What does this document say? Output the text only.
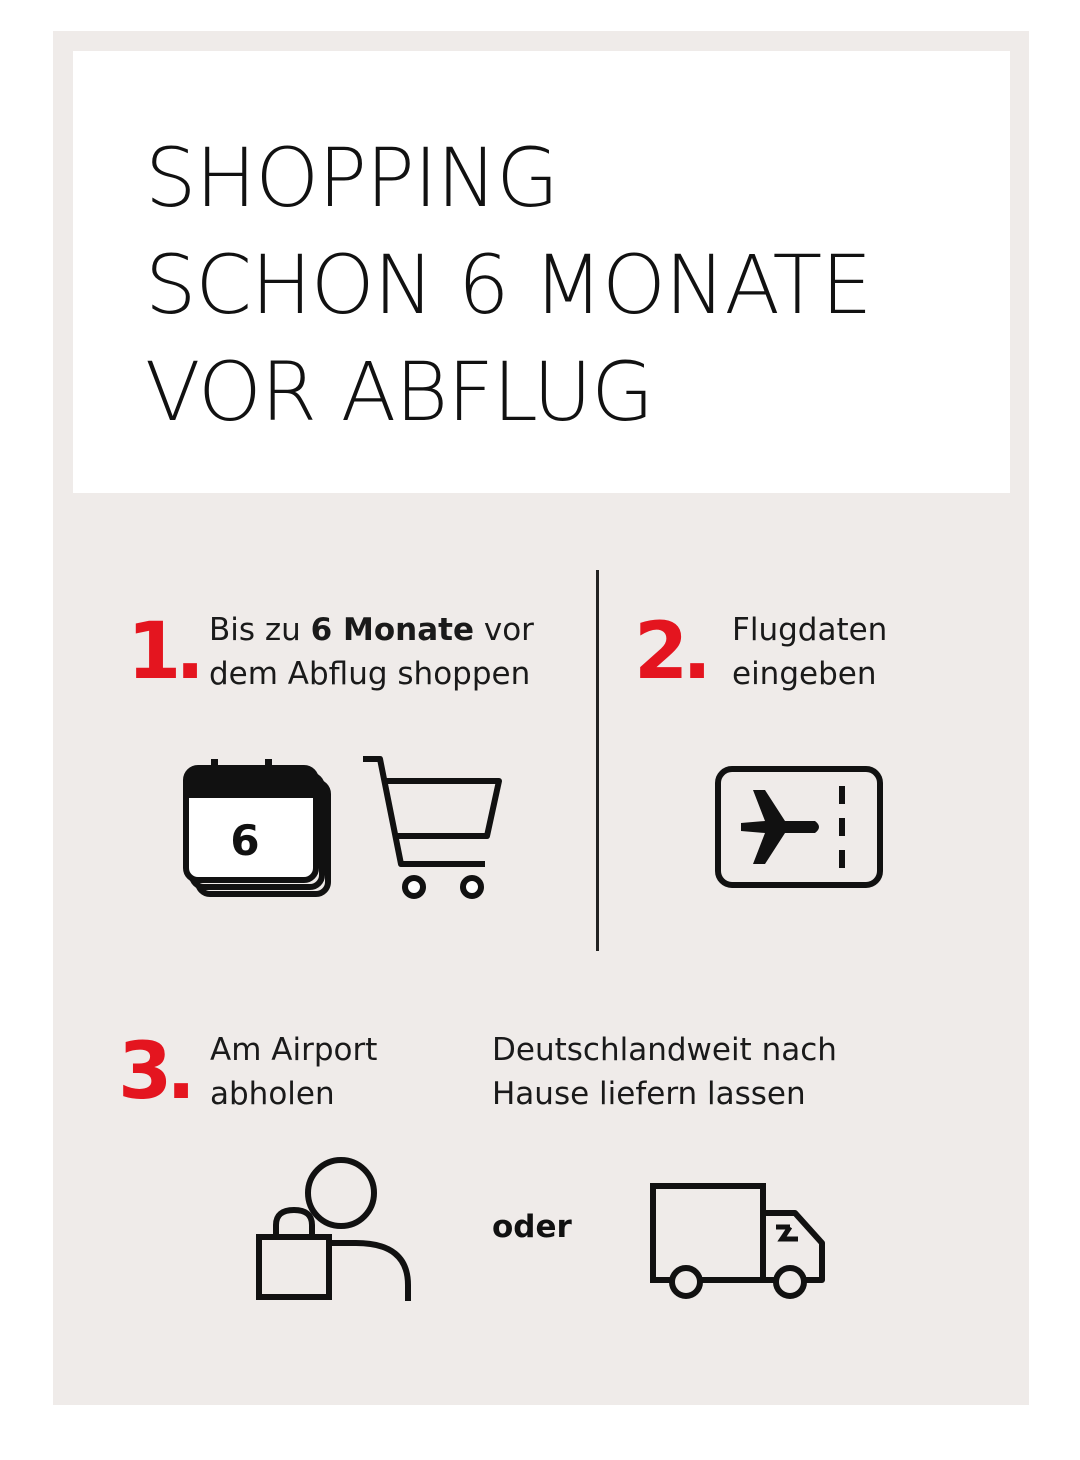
SHOPPING
SCHON 6 MONATE
VOR ABFLUG
1. Bis zu 6 Monate vor
dem Abflug shoppen
6
2. Flugdaten
eingeben
3. Am Airport
abholen
Deutschlandweit nach
Hause liefern lassen
oder
